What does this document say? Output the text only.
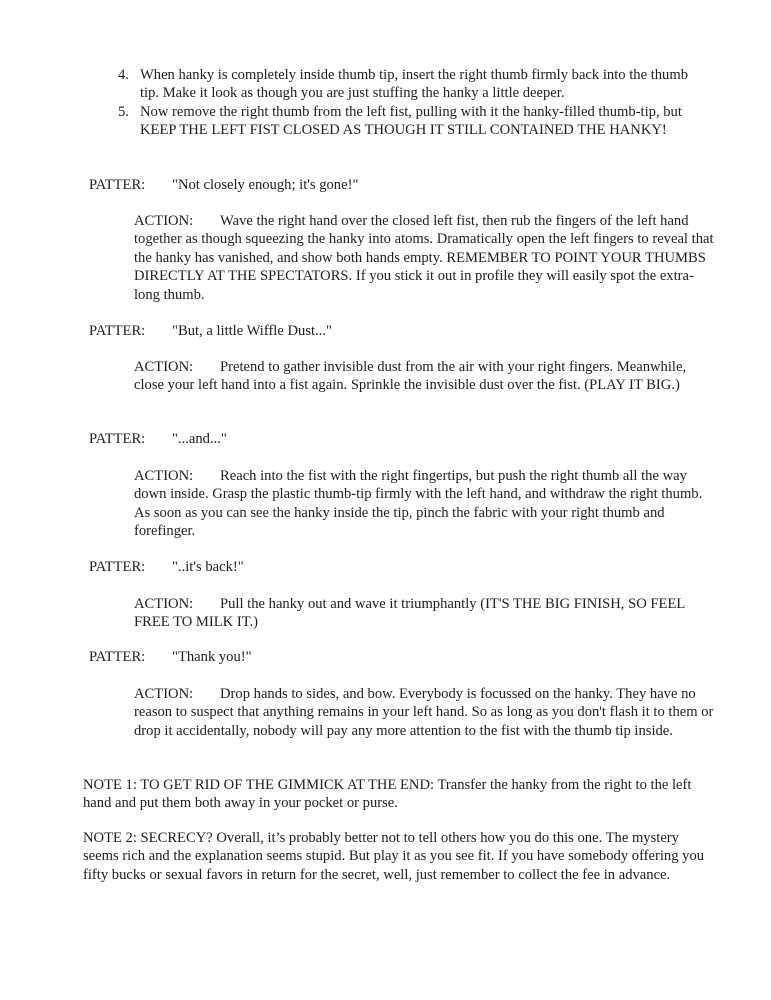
4. When hanky is completely inside thumb tip, insert the right thumb firmly back into the thumb tip. Make it look as though you are just stuffing the hanky a little deeper.
5. Now remove the right thumb from the left fist, pulling with it the hanky-filled thumb-tip, but KEEP THE LEFT FIST CLOSED AS THOUGH IT STILL CONTAINED THE HANKY!
PATTER: "Not closely enough; it's gone!"
ACTION: Wave the right hand over the closed left fist, then rub the fingers of the left hand together as though squeezing the hanky into atoms. Dramatically open the left fingers to reveal that the hanky has vanished, and show both hands empty. REMEMBER TO POINT YOUR THUMBS DIRECTLY AT THE SPECTATORS. If you stick it out in profile they will easily spot the extra-long thumb.
PATTER: "But, a little Wiffle Dust..."
ACTION: Pretend to gather invisible dust from the air with your right fingers. Meanwhile, close your left hand into a fist again. Sprinkle the invisible dust over the fist. (PLAY IT BIG.)
PATTER: "...and..."
ACTION: Reach into the fist with the right fingertips, but push the right thumb all the way down inside. Grasp the plastic thumb-tip firmly with the left hand, and withdraw the right thumb. As soon as you can see the hanky inside the tip, pinch the fabric with your right thumb and forefinger.
PATTER: "..it's back!"
ACTION: Pull the hanky out and wave it triumphantly (IT'S THE BIG FINISH, SO FEEL FREE TO MILK IT.)
PATTER: "Thank you!"
ACTION: Drop hands to sides, and bow. Everybody is focussed on the hanky. They have no reason to suspect that anything remains in your left hand. So as long as you don't flash it to them or drop it accidentally, nobody will pay any more attention to the fist with the thumb tip inside.
NOTE 1: TO GET RID OF THE GIMMICK AT THE END: Transfer the hanky from the right to the left hand and put them both away in your pocket or purse.
NOTE 2: SECRECY? Overall, it’s probably better not to tell others how you do this one. The mystery seems rich and the explanation seems stupid. But play it as you see fit. If you have somebody offering you fifty bucks or sexual favors in return for the secret, well, just remember to collect the fee in advance.
